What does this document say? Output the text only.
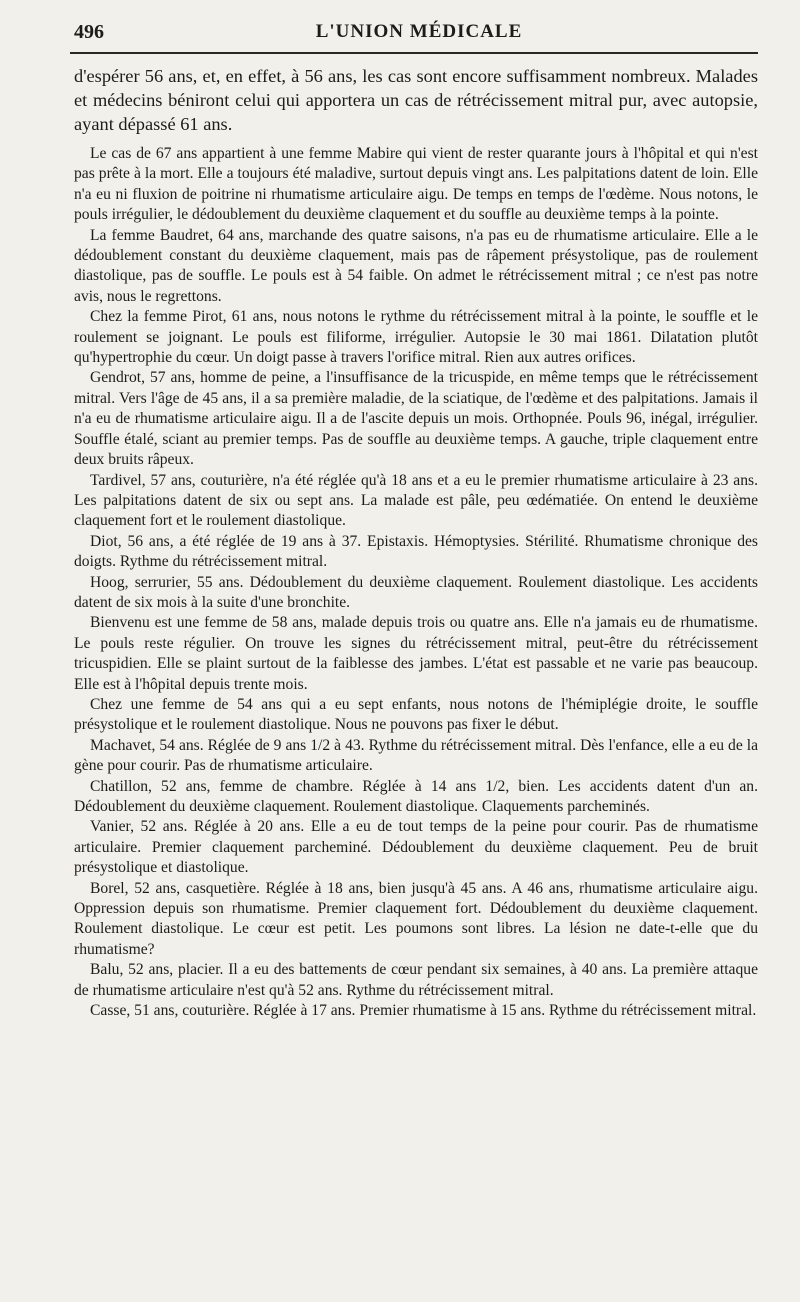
496	L'UNION MÉDICALE

d'espérer 56 ans, et, en effet, à 56 ans, les cas sont encore suffisamment nombreux. Malades et médecins béniront celui qui apportera un cas de rétrécissement mitral pur, avec autopsie, ayant dépassé 61 ans.

Le cas de 67 ans appartient à une femme Mabire qui vient de rester quarante jours à l'hôpital et qui n'est pas prête à la mort. Elle a toujours été maladive, surtout depuis vingt ans. Les palpitations datent de loin. Elle n'a eu ni fluxion de poitrine ni rhumatisme articulaire aigu. De temps en temps de l'œdème. Nous notons, le pouls irrégulier, le dédoublement du deuxième claquement et du souffle au deuxième temps à la pointe.

La femme Baudret, 64 ans, marchande des quatre saisons, n'a pas eu de rhumatisme articulaire. Elle a le dédoublement constant du deuxième claquement, mais pas de râpement présystolique, pas de roulement diastolique, pas de souffle. Le pouls est à 54 faible. On admet le rétrécissement mitral ; ce n'est pas notre avis, nous le regrettons.

Chez la femme Pirot, 61 ans, nous notons le rythme du rétrécissement mitral à la pointe, le souffle et le roulement se joignant. Le pouls est filiforme, irrégulier. Autopsie le 30 mai 1861. Dilatation plutôt qu'hypertrophie du cœur. Un doigt passe à travers l'orifice mitral. Rien aux autres orifices.

Gendrot, 57 ans, homme de peine, a l'insuffisance de la tricuspide, en même temps que le rétrécissement mitral. Vers l'âge de 45 ans, il a sa première maladie, de la sciatique, de l'œdème et des palpitations. Jamais il n'a eu de rhumatisme articulaire aigu. Il a de l'ascite depuis un mois. Orthopnée. Pouls 96, inégal, irrégulier. Souffle étalé, sciant au premier temps. Pas de souffle au deuxième temps. A gauche, triple claquement entre deux bruits râpeux.

Tardivel, 57 ans, couturière, n'a été réglée qu'à 18 ans et a eu le premier rhumatisme articulaire à 23 ans. Les palpitations datent de six ou sept ans. La malade est pâle, peu œdématiée. On entend le deuxième claquement fort et le roulement diastolique.

Diot, 56 ans, a été réglée de 19 ans à 37. Epistaxis. Hémoptysies. Stérilité. Rhumatisme chronique des doigts. Rythme du rétrécissement mitral.

Hoog, serrurier, 55 ans. Dédoublement du deuxième claquement. Roulement diastolique. Les accidents datent de six mois à la suite d'une bronchite.

Bienvenu est une femme de 58 ans, malade depuis trois ou quatre ans. Elle n'a jamais eu de rhumatisme. Le pouls reste régulier. On trouve les signes du rétrécissement mitral, peut-être du rétrécissement tricuspidien. Elle se plaint surtout de la faiblesse des jambes. L'état est passable et ne varie pas beaucoup. Elle est à l'hôpital depuis trente mois.

Chez une femme de 54 ans qui a eu sept enfants, nous notons de l'hémiplégie droite, le souffle présystolique et le roulement diastolique. Nous ne pouvons pas fixer le début.

Machavet, 54 ans. Réglée de 9 ans 1/2 à 43. Rythme du rétrécissement mitral. Dès l'enfance, elle a eu de la gène pour courir. Pas de rhumatisme articulaire.

Chatillon, 52 ans, femme de chambre. Réglée à 14 ans 1/2, bien. Les accidents datent d'un an. Dédoublement du deuxième claquement. Roulement diastolique. Claquements parcheminés.

Vanier, 52 ans. Réglée à 20 ans. Elle a eu de tout temps de la peine pour courir. Pas de rhumatisme articulaire. Premier claquement parcheminé. Dédoublement du deuxième claquement. Peu de bruit présystolique et diastolique.

Borel, 52 ans, casquetière. Réglée à 18 ans, bien jusqu'à 45 ans. A 46 ans, rhumatisme articulaire aigu. Oppression depuis son rhumatisme. Premier claquement fort. Dédoublement du deuxième claquement. Roulement diastolique. Le cœur est petit. Les poumons sont libres. La lésion ne date-t-elle que du rhumatisme?

Balu, 52 ans, placier. Il a eu des battements de cœur pendant six semaines, à 40 ans. La première attaque de rhumatisme articulaire n'est qu'à 52 ans. Rythme du rétrécissement mitral.

Casse, 51 ans, couturière. Réglée à 17 ans. Premier rhumatisme à 15 ans. Rythme du rétrécissement mitral.
